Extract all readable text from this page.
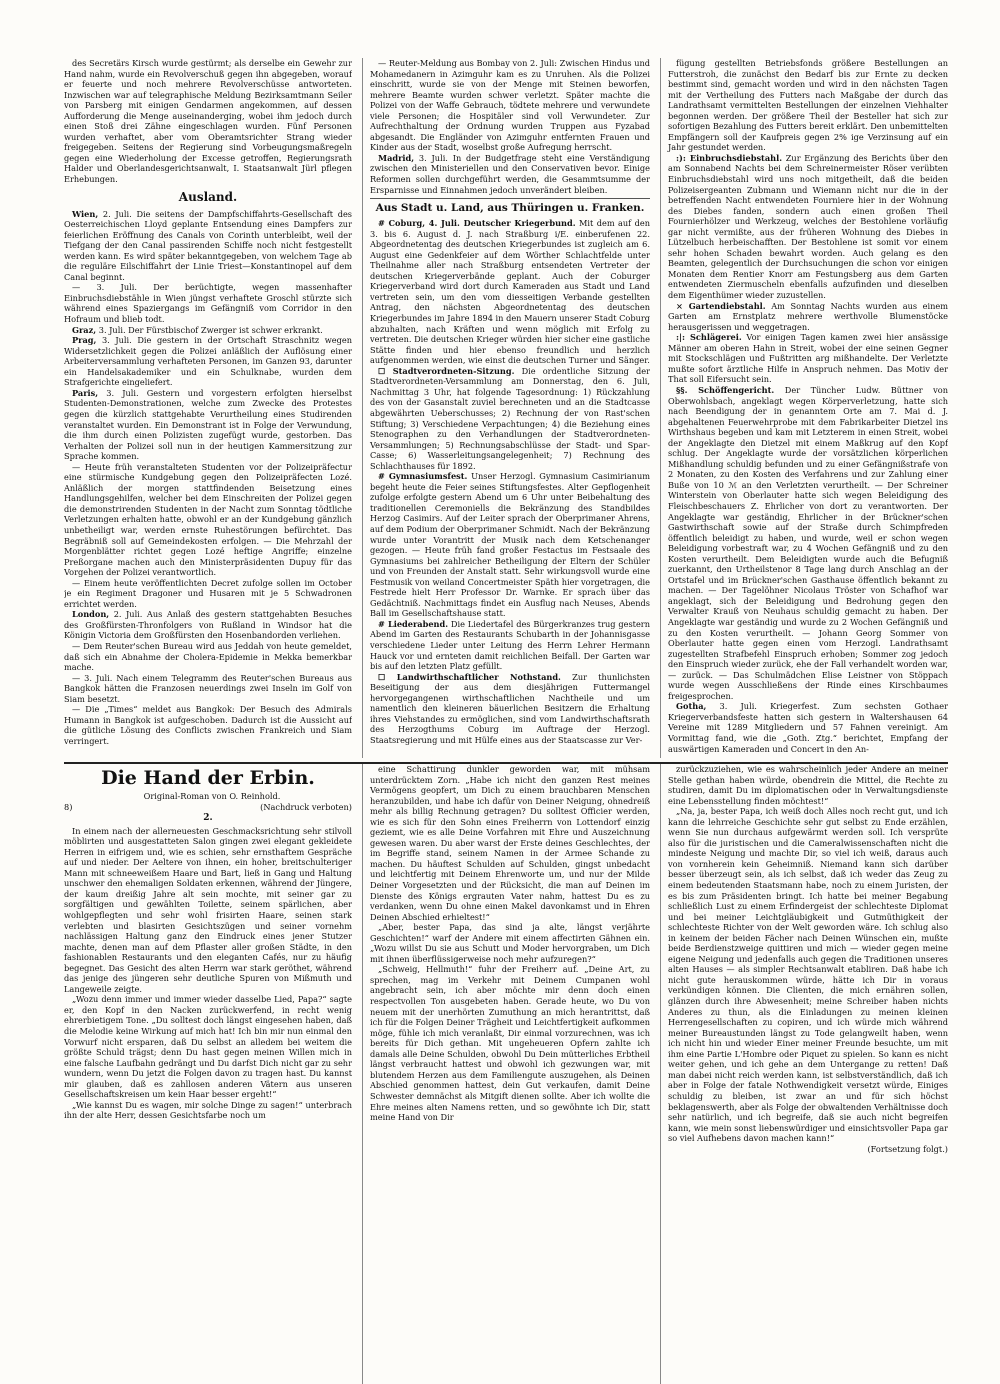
des Secretärs Kirsch wurde gestürmt; als derselbe ein Gewehr zur Hand nahm, wurde ein Revolverschuß gegen ihn abgegeben, worauf er feuerte und noch mehrere Revolverschüsse antworteten. Inzwischen war auf telegraphische Meldung Bezirksamtmann Seiler von Parsberg mit einigen Gendarmen angekommen, auf dessen Aufforderung die Menge auseinanderging, wobei ihm jedoch durch einen Stoß drei Zähne eingeschlagen wurden. Fünf Personen wurden verhaftet, aber vom Oberamtsrichter Strang wieder freigegeben. Seitens der Regierung sind Vorbeugungsmaßregeln gegen eine Wiederholung der Excesse getroffen, Regierungsrath Halder und Oberlandesgerichtsanwalt, I. Staatsanwalt Jürl pflegen Erhebungen.

Ausland.

Wien, 2. Juli. Die seitens der Dampfschiffahrts-Gesellschaft des Oesterreichischen Lloyd geplante Entsendung eines Dampfers zur feierlichen Eröffnung des Canals von Corinth unterbleibt, weil der Tiefgang der den Canal passirenden Schiffe noch nicht festgestellt werden kann. Es wird später bekanntgegeben, von welchem Tage ab die reguläre Eilschiffahrt der Linie Triest—Konstantinopel auf dem Canal beginnt.

— 3. Juli. Der berüchtigte, wegen massenhafter Einbruchsdiebstähle in Wien jüngst verhaftete Groschl stürzte sich während eines Spaziergangs im Gefängniß vom Corridor in den Hofraum und blieb todt.

Graz, 3. Juli. Der Fürstbischof Zwerger ist schwer erkrankt.

Prag, 3. Juli. Die gestern in der Ortschaft Straschnitz wegen Widersetzlichkeit gegen die Polizei anläßlich der Auflösung einer Arbeiterversammlung verhafteten Personen, im Ganzen 93, darunter ein Handelsakademiker und ein Schulknabe, wurden dem Strafgerichte eingeliefert.

Paris, 3. Juli. Gestern und vorgestern erfolgten hierselbst Studenten-Demonstrationen, welche zum Zwecke des Protestes gegen die kürzlich stattgehabte Verurtheilung eines Studirenden veranstaltet wurden. Ein Demonstrant ist in Folge der Verwundung, die ihm durch einen Polizisten zugefügt wurde, gestorben. Das Verhalten der Polizei soll nun in der heutigen Kammersitzung zur Sprache kommen.

— Heute früh veranstalteten Studenten vor der Polizeipräfectur eine stürmische Kundgebung gegen den Polizeipräfecten Lozé. Anläßlich der morgen stattfindenden Beisetzung eines Handlungsgehilfen, welcher bei dem Einschreiten der Polizei gegen die demonstrirenden Studenten in der Nacht zum Sonntag tödtliche Verletzungen erhalten hatte, obwohl er an der Kundgebung gänzlich unbetheiligt war, werden ernste Ruhestörungen befürchtet. Das Begräbniß soll auf Gemeindekosten erfolgen. — Die Mehrzahl der Morgenblätter richtet gegen Lozé heftige Angriffe; einzelne Preßorgane machen auch den Ministerpräsidenten Dupuy für das Vorgehen der Polizei verantwortlich.

— Einem heute veröffentlichten Decret zufolge sollen im October je ein Regiment Dragoner und Husaren mit je 5 Schwadronen errichtet werden.

London, 2. Juli. Aus Anlaß des gestern stattgehabten Besuches des Großfürsten-Thronfolgers von Rußland in Windsor hat die Königin Victoria dem Großfürsten den Hosenbandorden verliehen.

— Dem Reuter'schen Bureau wird aus Jeddah von heute gemeldet, daß sich ein Abnahme der Cholera-Epidemie in Mekka bemerkbar mache.

— 3. Juli. Nach einem Telegramm des Reuter'schen Bureaus aus Bangkok hätten die Franzosen neuerdings zwei Inseln im Golf von Siam besetzt.

— Die „Times“ meldet aus Bangkok: Der Besuch des Admirals Humann in Bangkok ist aufgeschoben. Dadurch ist die Aussicht auf die gütliche Lösung des Conflicts zwischen Frankreich und Siam verringert.

— Reuter-Meldung aus Bombay von 2. Juli: Zwischen Hindus und Mohamedanern in Azimguhr kam es zu Unruhen. Als die Polizei einschritt, wurde sie von der Menge mit Steinen beworfen, mehrere Beamte wurden schwer verletzt. Später machte die Polizei von der Waffe Gebrauch, tödtete mehrere und verwundete viele Personen; die Hospitäler sind voll Verwundeter. Zur Aufrechthaltung der Ordnung wurden Truppen aus Fyzabad abgesandt. Die Engländer von Azimguhr entfernten Frauen und Kinder aus der Stadt, woselbst große Aufregung herrscht.

Madrid, 3. Juli. In der Budgetfrage steht eine Verständigung zwischen den Ministeriellen und den Conservativen bevor. Einige Reformen sollen durchgeführt werden, die Gesammtsumme der Ersparnisse und Einnahmen jedoch unverändert bleiben.

Aus Stadt u. Land, aus Thüringen u. Franken.

# Coburg, 4. Juli. Deutscher Kriegerbund. Mit dem auf den 3. bis 6. August d. J. nach Straßburg i/E. einberufenen 22. Abgeordnetentag des deutschen Kriegerbundes ist zugleich am 6. August eine Gedenkfeier auf dem Wörther Schlachtfelde unter Theilnahme aller nach Straßburg entsendeten Vertreter der deutschen Kriegerverbände geplant. Auch der Coburger Kriegerverband wird dort durch Kameraden aus Stadt und Land vertreten sein, um den vom diesseitigen Verbande gestellten Antrag, den nächsten Abgeordnetentag des deutschen Kriegerbundes im Jahre 1894 in den Mauern unserer Stadt Coburg abzuhalten, nach Kräften und wenn möglich mit Erfolg zu vertreten. Die deutschen Krieger würden hier sicher eine gastliche Stätte finden und hier ebenso freundlich und herzlich aufgenommen werden, wie einst die deutschen Turner und Sänger.

☐ Stadtverordneten-Sitzung. Die ordentliche Sitzung der Stadtverordneten-Versammlung am Donnerstag, den 6. Juli, Nachmittag 3 Uhr, hat folgende Tagesordnung: 1) Rückzahlung des von der Gasanstalt zuviel berechneten und an die Stadtcasse abgewährten Ueberschusses; 2) Rechnung der von Rast'schen Stiftung; 3) Verschiedene Verpachtungen; 4) die Beziehung eines Stenographen zu den Verhandlungen der Stadtverordneten-Versammlungen; 5) Rechnungsabschlüsse der Stadt- und Spar-Casse; 6) Wasserleitungsangelegenheit; 7) Rechnung des Schlachthauses für 1892.

# Gymnasiumsfest. Unser Herzogl. Gymnasium Casimirianum begeht heute die Feier seines Stiftungsfestes. Alter Gepflogenheit zufolge erfolgte gestern Abend um 6 Uhr unter Beibehaltung des traditionellen Ceremoniells die Bekränzung des Standbildes Herzog Casimirs. Auf der Leiter sprach der Oberprimaner Ahrens, auf dem Podium der Oberprimaner Schmidt. Nach der Bekränzung wurde unter Vorantritt der Musik nach dem Ketschenanger gezogen. — Heute früh fand großer Festactus im Festsaale des Gymnasiums bei zahlreicher Betheiligung der Eltern der Schüler und von Freunden der Anstalt statt. Sehr wirkungsvoll wurde eine Festmusik von weiland Concertmeister Späth hier vorgetragen, die Festrede hielt Herr Professor Dr. Warnke. Er sprach über das Gedächtniß. Nachmittags findet ein Ausflug nach Neuses, Abends Ball im Gesellschaftshause statt.

# Liederabend. Die Liedertafel des Bürgerkranzes trug gestern Abend im Garten des Restaurants Schubarth in der Johannisgasse verschiedene Lieder unter Leitung des Herrn Lehrer Hermann Hauck vor und ernteten damit reichlichen Beifall. Der Garten war bis auf den letzten Platz gefüllt.

☐ Landwirthschaftlicher Nothstand. Zur thunlichsten Beseitigung der aus dem diesjährigen Futtermangel hervorgegangenen wirthschaftlichen Nachtheile und um namentlich den kleineren bäuerlichen Besitzern die Erhaltung ihres Viehstandes zu ermöglichen, sind vom Landwirthschaftsrath des Herzogthums Coburg im Auftrage der Herzogl. Staatsregierung und mit Hülfe eines aus der Staatscasse zur Ver-

fügung gestellten Betriebsfonds größere Bestellungen an Futterstroh, die zunächst den Bedarf bis zur Ernte zu decken bestimmt sind, gemacht worden und wird in den nächsten Tagen mit der Vertheilung des Futters nach Maßgabe der durch das Landrathsamt vermittelten Bestellungen der einzelnen Viehhalter begonnen werden. Der größere Theil der Besteller hat sich zur sofortigen Bezahlung des Futters bereit erklärt. Den unbemittelten Empfängern soll der Kaufpreis gegen 2% ige Verzinsung auf ein Jahr gestundet werden.

:): Einbruchsdiebstahl. Zur Ergänzung des Berichts über den am Sonnabend Nachts bei dem Schreinermeister Röser verübten Einbruchsdiebstahl wird uns noch mitgetheilt, daß die beiden Polizeisergeanten Zubmann und Wiemann nicht nur die in der betreffenden Nacht entwendeten Fourniere hier in der Wohnung des Diebes fanden, sondern auch einen großen Theil Fournierhölzer und Werkzeug, welches der Bestohlene vorläufig gar nicht vermißte, aus der früheren Wohnung des Diebes in Lützelbuch herbeischafften. Der Bestohlene ist somit vor einem sehr hohen Schaden bewahrt worden. Auch gelang es den Beamten, gelegentlich der Durchsuchungen die schon vor einigen Monaten dem Rentier Knorr am Festungsberg aus dem Garten entwendeten Ziermuscheln ebenfalls aufzufinden und dieselben dem Eigenthümer wieder zuzustellen.

⨯ Gartendiebstahl. Am Sonntag Nachts wurden aus einem Garten am Ernstplatz mehrere werthvolle Blumenstöcke herausgerissen und weggetragen.

:|: Schlägerei. Vor einigen Tagen kamen zwei hier ansässige Männer am oberen Hahn in Streit, wobei der eine seinen Gegner mit Stockschlägen und Fußtritten arg mißhandelte. Der Verletzte mußte sofort ärztliche Hilfe in Anspruch nehmen. Das Motiv der That soll Eifersucht sein.

§§. Schöffengericht. Der Tüncher Ludw. Büttner von Oberwohlsbach, angeklagt wegen Körperverletzung, hatte sich nach Beendigung der in genanntem Orte am 7. Mai d. J. abgehaltenen Feuerwehrprobe mit dem Fabrikarbeiter Dietzel ins Wirthshaus begeben und kam mit Letzterem in einen Streit, wobei der Angeklagte den Dietzel mit einem Maßkrug auf den Kopf schlug. Der Angeklagte wurde der vorsätzlichen körperlichen Mißhandlung schuldig befunden und zu einer Gefängnißstrafe von 2 Monaten, zu den Kosten des Verfahrens und zur Zahlung einer Buße von 10 ℳ an den Verletzten verurtheilt. — Der Schreiner Winterstein von Oberlauter hatte sich wegen Beleidigung des Fleischbeschauers Z. Ehrlicher von dort zu verantworten. Der Angeklagte war geständig, Ehrlicher in der Brückner'schen Gastwirthschaft sowie auf der Straße durch Schimpfreden öffentlich beleidigt zu haben, und wurde, weil er schon wegen Beleidigung vorbestraft war, zu 4 Wochen Gefängniß und zu den Kosten verurtheilt. Dem Beleidigten wurde auch die Befugniß zuerkannt, den Urtheilstenor 8 Tage lang durch Anschlag an der Ortstafel und im Brückner'schen Gasthause öffentlich bekannt zu machen. — Der Tagelöhner Nicolaus Tröster von Schafhof war angeklagt, sich der Beleidigung und Bedrohung gegen den Verwalter Krauß von Neuhaus schuldig gemacht zu haben. Der Angeklagte war geständig und wurde zu 2 Wochen Gefängniß und zu den Kosten verurtheilt. — Johann Georg Sommer von Oberlauter hatte gegen einen vom Herzogl. Landrathsamt zugestellten Strafbefehl Einspruch erhoben; Sommer zog jedoch den Einspruch wieder zurück, ehe der Fall verhandelt worden war, — zurück. — Das Schulmädchen Elise Leistner von Stöppach wurde wegen Ausschließens der Rinde eines Kirschbaumes freigesprochen.

Gotha, 3. Juli. Kriegerfest. Zum sechsten Gothaer Kriegerverbandsfeste hatten sich gestern in Waltershausen 64 Vereine mit 1289 Mitgliedern und 57 Fahnen vereinigt. Am Vormittag fand, wie die „Goth. Ztg.“ berichtet, Empfang der auswärtigen Kameraden und Concert in den An-

Die Hand der Erbin.

Original-Roman von O. Reinhold.

8)	(Nachdruck verboten)
2.

In einem nach der allerneuesten Geschmacksrichtung sehr stilvoll möblirten und ausgestatteten Salon gingen zwei elegant gekleidete Herren in eifrigem und, wie es schien, sehr ernsthaftem Gespräche auf und nieder. Der Aeltere von ihnen, ein hoher, breitschulteriger Mann mit schneeweißem Haare und Bart, ließ in Gang und Haltung unschwer den ehemaligen Soldaten erkennen, während der Jüngere, der kaum dreißig Jahre alt sein mochte, mit seiner gar zu sorgfältigen und gewählten Toilette, seinem spärlichen, aber wohlgepflegten und sehr wohl frisirten Haare, seinen stark verlebten und blasirten Gesichtszügen und seiner vornehm nachlässigen Haltung ganz den Eindruck eines jener Stutzer machte, denen man auf dem Pflaster aller großen Städte, in den fashionablen Restaurants und den eleganten Cafés, nur zu häufig begegnet. Das Gesicht des alten Herrn war stark geröthet, während das jenige des jüngeren sehr deutliche Spuren von Mißmuth und Langeweile zeigte.

„Wozu denn immer und immer wieder dasselbe Lied, Papa?“ sagte er, den Kopf in den Nacken zurückwerfend, in recht wenig ehrerbietigem Tone. „Du solltest doch längst eingesehen haben, daß die Melodie keine Wirkung auf mich hat! Ich bin mir nun einmal den Vorwurf nicht ersparen, daß Du selbst an alledem bei weitem die größte Schuld trägst; denn Du hast gegen meinen Willen mich in eine falsche Laufbahn gedrängt und Du darfst Dich nicht gar zu sehr wundern, wenn Du jetzt die Folgen davon zu tragen hast. Du kannst mir glauben, daß es zahllosen anderen Vätern aus unseren Gesellschaftskreisen um kein Haar besser ergeht!“

„Wie kannst Du es wagen, mir solche Dinge zu sagen!“ unterbrach ihn der alte Herr, dessen Gesichtsfarbe noch um

eine Schattirung dunkler geworden war, mit mühsam unterdrücktem Zorn. „Habe ich nicht den ganzen Rest meines Vermögens geopfert, um Dich zu einem brauchbaren Menschen heranzubilden, und habe ich dafür von Deiner Neigung, ohnedreiß mehr als billig Rechnung getragen? Du solltest Officier werden, wie es sich für den Sohn eines Freiherrn von Lottendorf einzig geziemt, wie es alle Deine Vorfahren mit Ehre und Auszeichnung gewesen waren. Du aber warst der Erste deines Geschlechtes, der im Begriffe stand, seinem Namen in der Armee Schande zu machen. Du häuftest Schulden auf Schulden, gingst unbedacht und leichtfertig mit Deinem Ehrenworte um, und nur der Milde Deiner Vorgesetzten und der Rücksicht, die man auf Deinen im Dienste des Königs ergrauten Vater nahm, hattest Du es zu verdanken, wenn Du ohne einen Makel davonkamst und in Ehren Deinen Abschied erhieltest!“

„Aber, bester Papa, das sind ja alte, längst verjährte Geschichten!“ warf der Andere mit einem affectirten Gähnen ein. „Wozu willst Du sie aus Schutt und Moder hervorgraben, um Dich mit ihnen überflüssigerweise noch mehr aufzuregen?“

„Schweig, Hellmuth!“ fuhr der Freiherr auf. „Deine Art, zu sprechen, mag im Verkehr mit Deinem Cumpanen wohl angebracht sein, ich aber möchte mir denn doch einen respectvollen Ton ausgebeten haben. Gerade heute, wo Du von neuem mit der unerhörten Zumuthung an mich herantrittst, daß ich für die Folgen Deiner Trägheit und Leichtfertigkeit aufkommen möge, fühle ich mich veranlaßt, Dir einmal vorzurechnen, was ich bereits für Dich gethan. Mit ungeheueren Opfern zahlte ich damals alle Deine Schulden, obwohl Du Dein mütterliches Erbtheil längst verbraucht hattest und obwohl ich gezwungen war, mit blutendem Herzen aus dem Familiengute auszugehen, als Deinen Abschied genommen hattest, dein Gut verkaufen, damit Deine Schwester demnächst als Mitgift dienen sollte. Aber ich wollte die Ehre meines alten Namens retten, und so gewöhnte ich Dir, statt meine Hand von Dir

zurückzuziehen, wie es wahrscheinlich jeder Andere an meiner Stelle gethan haben würde, obendrein die Mittel, die Rechte zu studiren, damit Du im diplomatischen oder in Verwaltungsdienste eine Lebensstellung finden möchtest!“

„Na, ja, bester Papa, ich weiß doch Alles noch recht gut, und ich kann die lehrreiche Geschichte sehr gut selbst zu Ende erzählen, wenn Sie nun durchaus aufgewärmt werden soll. Ich versprüte also für die juristischen und die Cameralwissenschaften nicht die mindeste Neigung und machte Dir, so viel ich weiß, daraus auch von vornherein kein Geheimniß. Niemand kann sich darüber besser überzeugt sein, als ich selbst, daß ich weder das Zeug zu einem bedeutenden Staatsmann habe, noch zu einem Juristen, der es bis zum Präsidenten bringt. Ich hatte bei meiner Begabung schließlich Lust zu einem Erfindergeist der schlechteste Diplomat und bei meiner Leichtgläubigkeit und Gutmüthigkeit der schlechteste Richter von der Welt geworden wäre. Ich schlug also in keinem der beiden Fächer nach Deinen Wünschen ein, mußte beide Berdienstzweige quittiren und mich — wieder gegen meine eigene Neigung und jedenfalls auch gegen die Traditionen unseres alten Hauses — als simpler Rechtsanwalt etabliren. Daß habe ich nicht gute herauskommen würde, hätte ich Dir in voraus verkündigen können. Die Clienten, die mich ernähren sollen, glänzen durch ihre Abwesenheit; meine Schreiber haben nichts Anderes zu thun, als die Einladungen zu meinen kleinen Herrengesellschaften zu copiren, und ich würde mich während meiner Bureaustunden längst zu Tode gelangweilt haben, wenn ich nicht hin und wieder Einer meiner Freunde besuchte, um mit ihm eine Partie L'Hombre oder Piquet zu spielen. So kann es nicht weiter gehen, und ich gehe an dem Untergange zu retten! Daß man dabei nicht reich werden kann, ist selbstverständlich, daß ich aber in Folge der fatale Nothwendigkeit versetzt würde, Einiges schuldig zu bleiben, ist zwar an und für sich höchst beklagenswerth, aber als Folge der obwaltenden Verhältnisse doch sehr natürlich, und ich begreife, daß sie auch nicht begreifen kann, wie mein sonst liebenswürdiger und einsichtsvoller Papa gar so viel Aufhebens davon machen kann!“

(Fortsetzung folgt.)
